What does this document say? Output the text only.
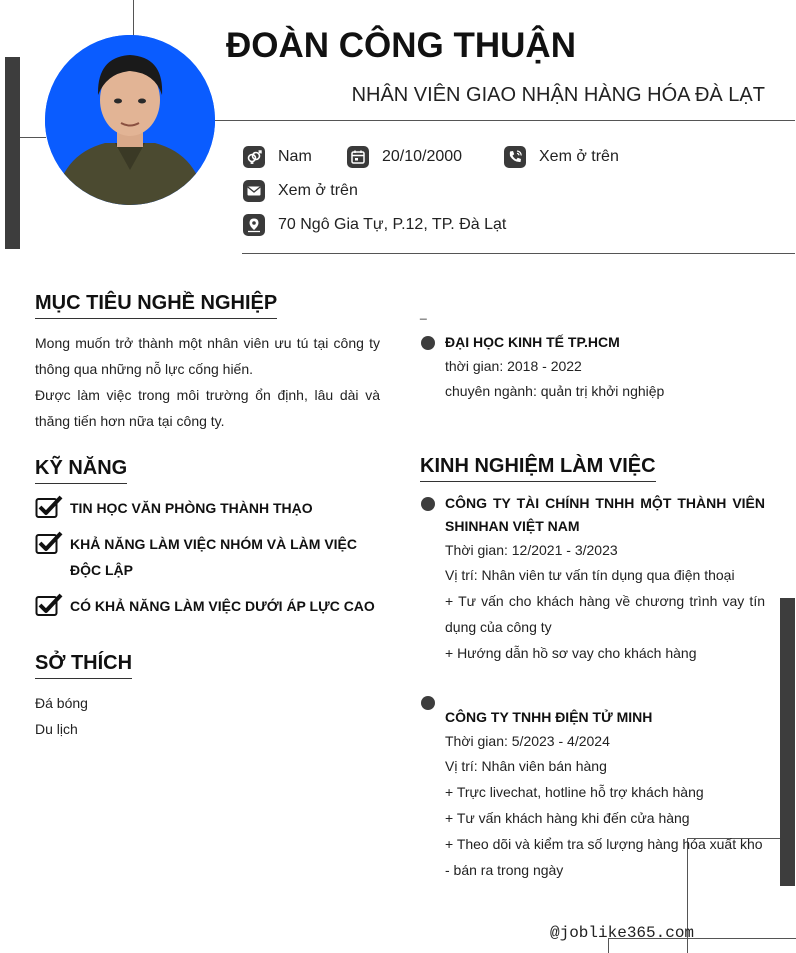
ĐOÀN CÔNG THUẬN
NHÂN VIÊN GIAO NHẬN HÀNG HÓA ĐÀ LẠT
Nam	20/10/2000	Xem ở trên
Xem ở trên
70 Ngô Gia Tự, P.12, TP. Đà Lạt
MỤC TIÊU NGHỀ NGHIỆP
Mong muốn trở thành một nhân viên ưu tú tại công ty thông qua những nỗ lực cống hiến.
Được làm việc trong môi trường ổn định, lâu dài và thăng tiến hơn nữa tại công ty.
KỸ NĂNG
TIN HỌC VĂN PHÒNG THÀNH THẠO
KHẢ NĂNG LÀM VIỆC NHÓM VÀ LÀM VIỆC ĐỘC LẬP
CÓ KHẢ NĂNG LÀM VIỆC DƯỚI ÁP LỰC CAO
SỞ THÍCH
Đá bóng
Du lịch
_
ĐẠI HỌC KINH TẾ TP.HCM
thời gian: 2018 - 2022
chuyên ngành: quản trị khởi nghiệp
KINH NGHIỆM LÀM VIỆC
CÔNG TY TÀI CHÍNH TNHH MỘT THÀNH VIÊN SHINHAN VIỆT NAM
Thời gian: 12/2021 - 3/2023
Vị trí: Nhân viên tư vấn tín dụng qua điện thoại
+ Tư vấn cho khách hàng về chương trình vay tín dụng của công ty
+ Hướng dẫn hồ sơ vay cho khách hàng
CÔNG TY TNHH ĐIỆN TỬ MINH
Thời gian: 5/2023 - 4/2024
Vị trí: Nhân viên bán hàng
+ Trực livechat, hotline hỗ trợ khách hàng
+ Tư vấn khách hàng khi đến cửa hàng
+ Theo dõi và kiểm tra số lượng hàng hóa xuất kho - bán ra trong ngày
@joblike365.com
